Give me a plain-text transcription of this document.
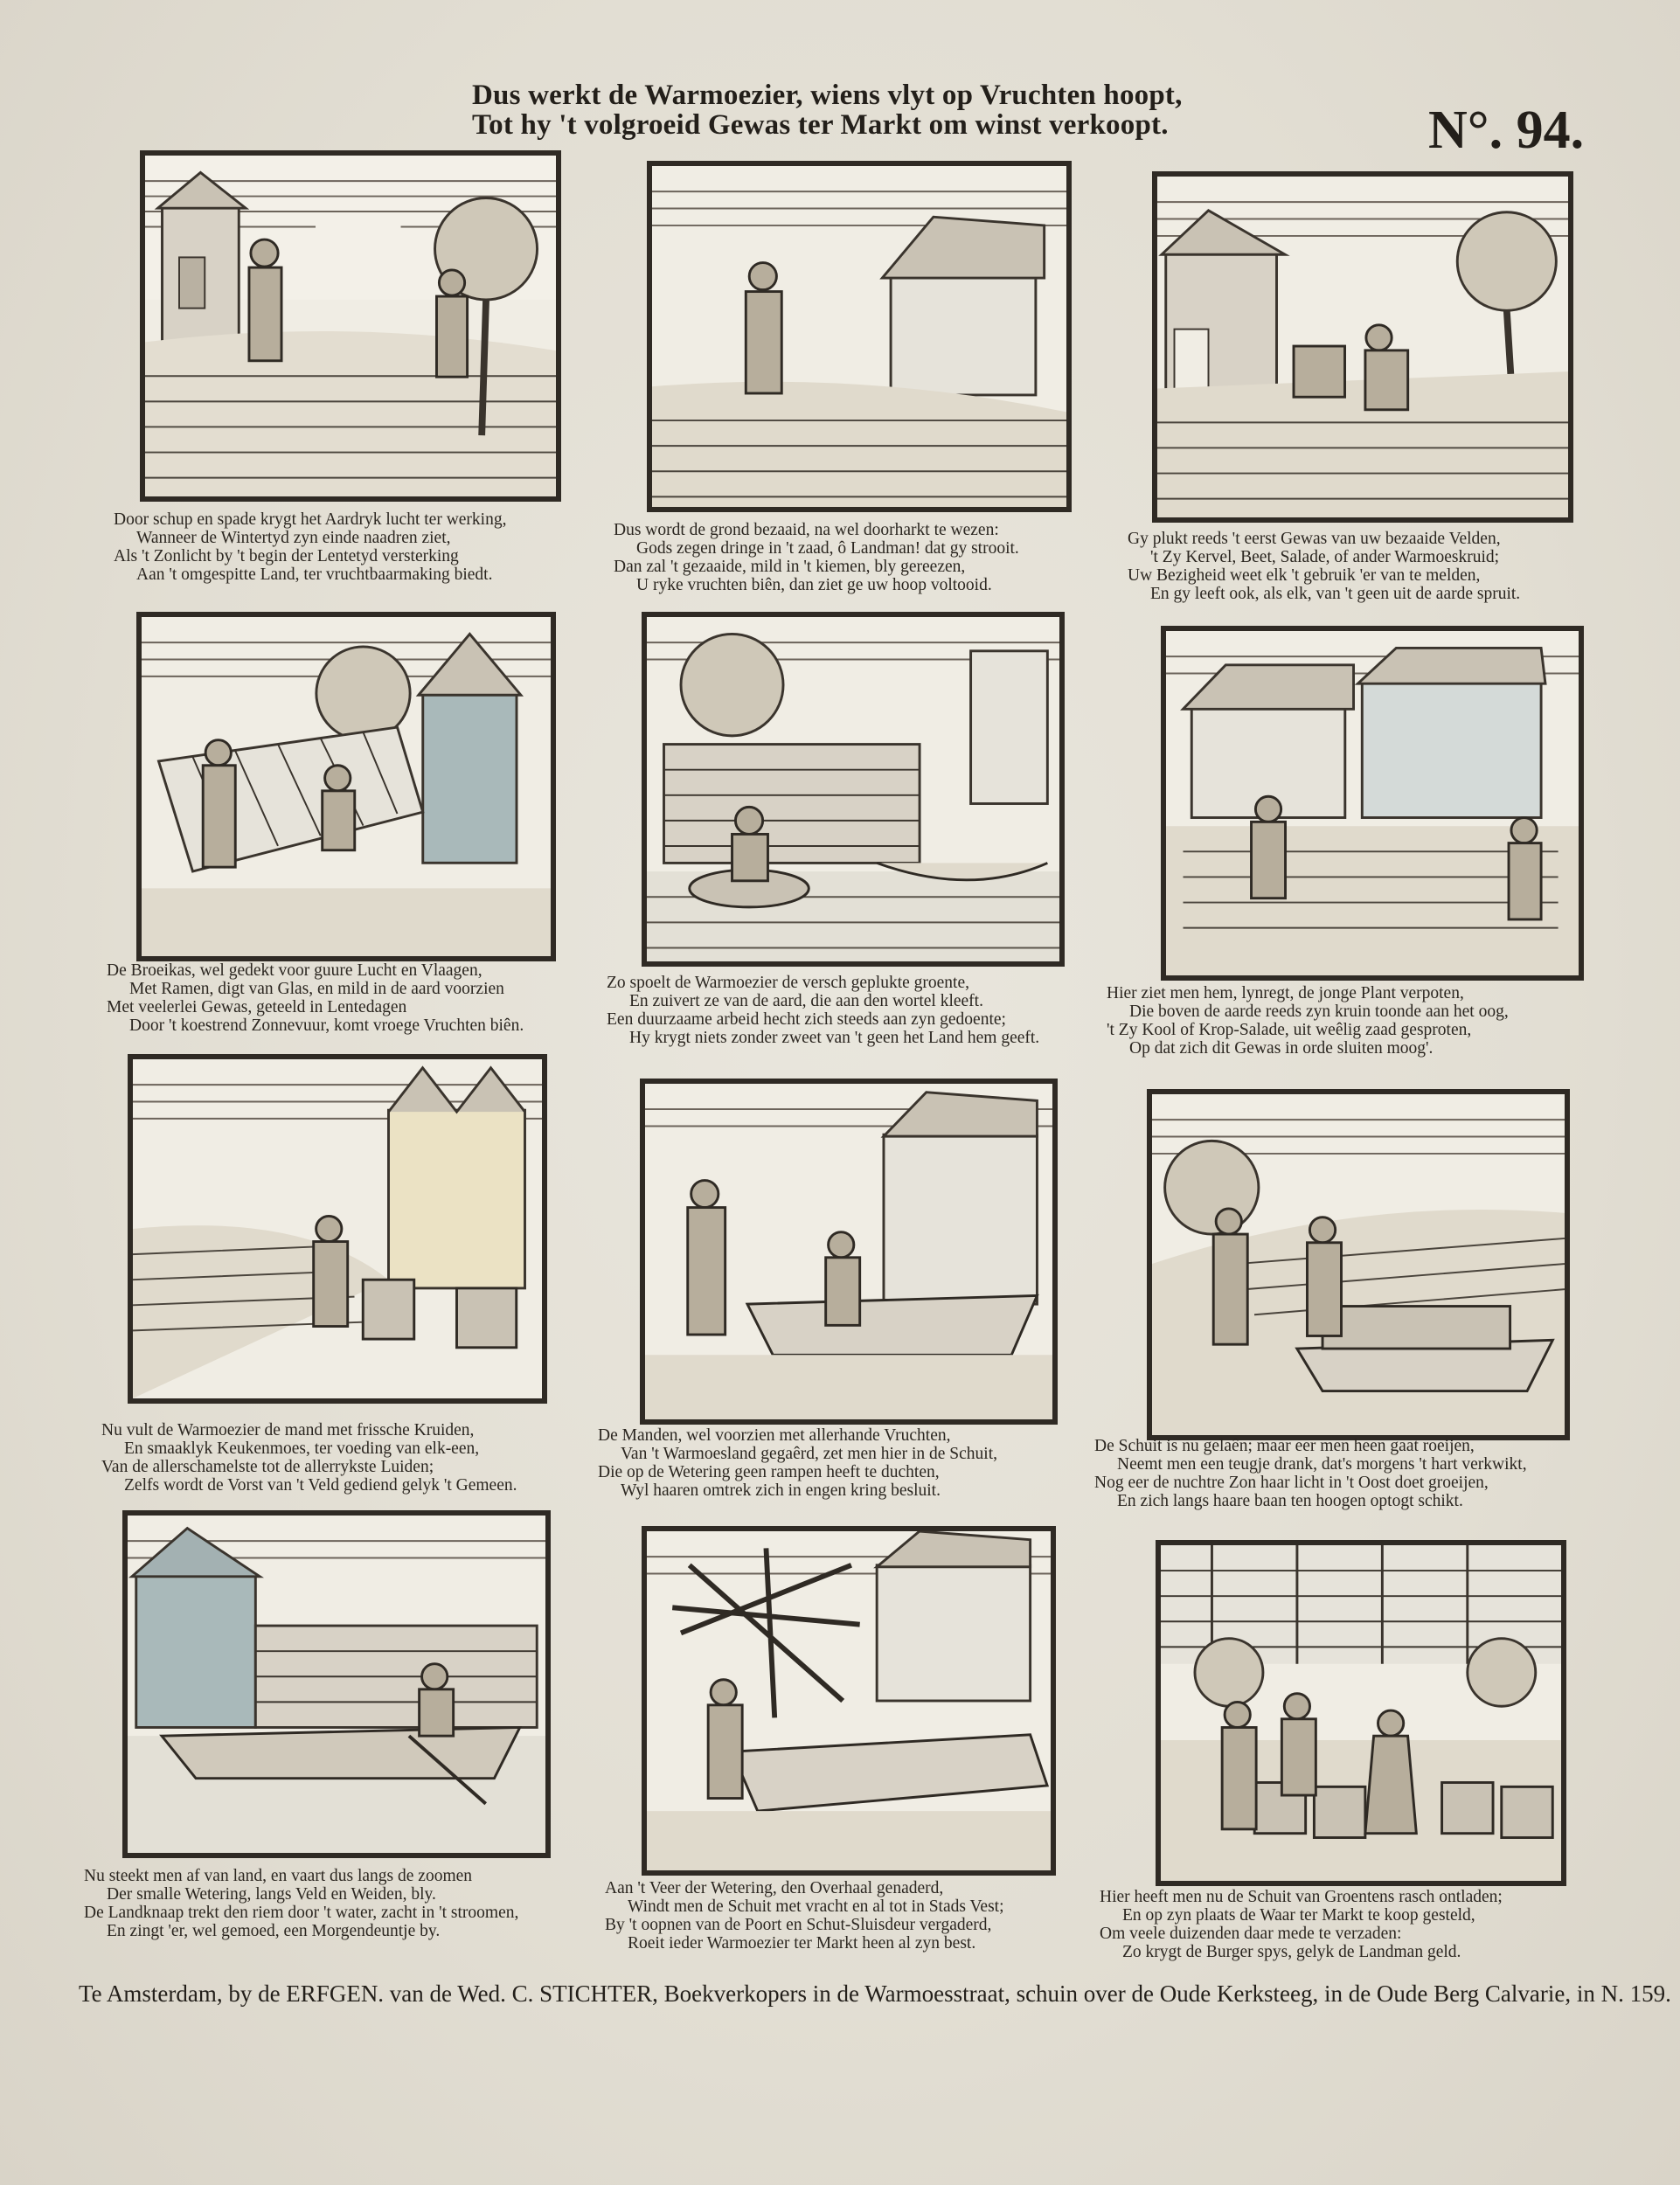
Dus werkt de Warmoezier, wiens vlyt op Vruchten hoopt,
Tot hy 't volgroeid Gewas ter Markt om winst verkoopt.	N°. 94.
Door schup en spade krygt het Aardryk lucht ter werking,
Wanneer de Wintertyd zyn einde naadren ziet,
Als 't Zonlicht by 't begin der Lentetyd versterking
Aan 't omgespitte Land, ter vruchtbaarmaking biedt.
Dus wordt de grond bezaaid, na wel doorharkt te wezen:
Gods zegen dringe in 't zaad, ô Landman! dat gy strooit.
Dan zal 't gezaaide, mild in 't kiemen, bly gereezen,
U ryke vruchten biên, dan ziet ge uw hoop voltooid.
Gy plukt reeds 't eerst Gewas van uw bezaaide Velden,
't Zy Kervel, Beet, Salade, of ander Warmoeskruid;
Uw Bezigheid weet elk 't gebruik 'er van te melden,
En gy leeft ook, als elk, van 't geen uit de aarde spruit.
De Broeikas, wel gedekt voor guure Lucht en Vlaagen,
Met Ramen, digt van Glas, en mild in de aard voorzien
Met veelerlei Gewas, geteeld in Lentedagen
Door 't koestrend Zonnevuur, komt vroege Vruchten biên.
Zo spoelt de Warmoezier de versch geplukte groente,
En zuivert ze van de aard, die aan den wortel kleeft.
Een duurzaame arbeid hecht zich steeds aan zyn gedoente;
Hy krygt niets zonder zweet van 't geen het Land hem geeft.
Hier ziet men hem, lynregt, de jonge Plant verpoten,
Die boven de aarde reeds zyn kruin toonde aan het oog,
't Zy Kool of Krop-Salade, uit weêlig zaad gesproten,
Op dat zich dit Gewas in orde sluiten moog'.
Nu vult de Warmoezier de mand met frissche Kruiden,
En smaaklyk Keukenmoes, ter voeding van elk-een,
Van de allerschamelste tot de allerrykste Luiden;
Zelfs wordt de Vorst van 't Veld gediend gelyk 't Gemeen.
De Manden, wel voorzien met allerhande Vruchten,
Van 't Warmoesland gegaêrd, zet men hier in de Schuit,
Die op de Wetering geen rampen heeft te duchten,
Wyl haaren omtrek zich in engen kring besluit.
De Schuit is nu gelaên; maar eer men heen gaat roeijen,
Neemt men een teugje drank, dat's morgens 't hart verkwikt,
Nog eer de nuchtre Zon haar licht in 't Oost doet groeijen,
En zich langs haare baan ten hoogen optogt schikt.
Nu steekt men af van land, en vaart dus langs de zoomen
Der smalle Wetering, langs Veld en Weiden, bly.
De Landknaap trekt den riem door 't water, zacht in 't stroomen,
En zingt 'er, wel gemoed, een Morgendeuntje by.
Aan 't Veer der Wetering, den Overhaal genaderd,
Windt men de Schuit met vracht en al tot in Stads Vest;
By 't oopnen van de Poort en Schut-Sluisdeur vergaderd,
Roeit ieder Warmoezier ter Markt heen al zyn best.
Hier heeft men nu de Schuit van Groentens rasch ontladen;
En op zyn plaats de Waar ter Markt te koop gesteld,
Om veele duizenden daar mede te verzaden:
Zo krygt de Burger spys, gelyk de Landman geld.
Te Amsterdam, by de ERFGEN. van de Wed. C. STICHTER, Boekverkopers in de Warmoesstraat, schuin over de Oude Kerksteeg, in de Oude Berg Calvarie, in N. 159.
